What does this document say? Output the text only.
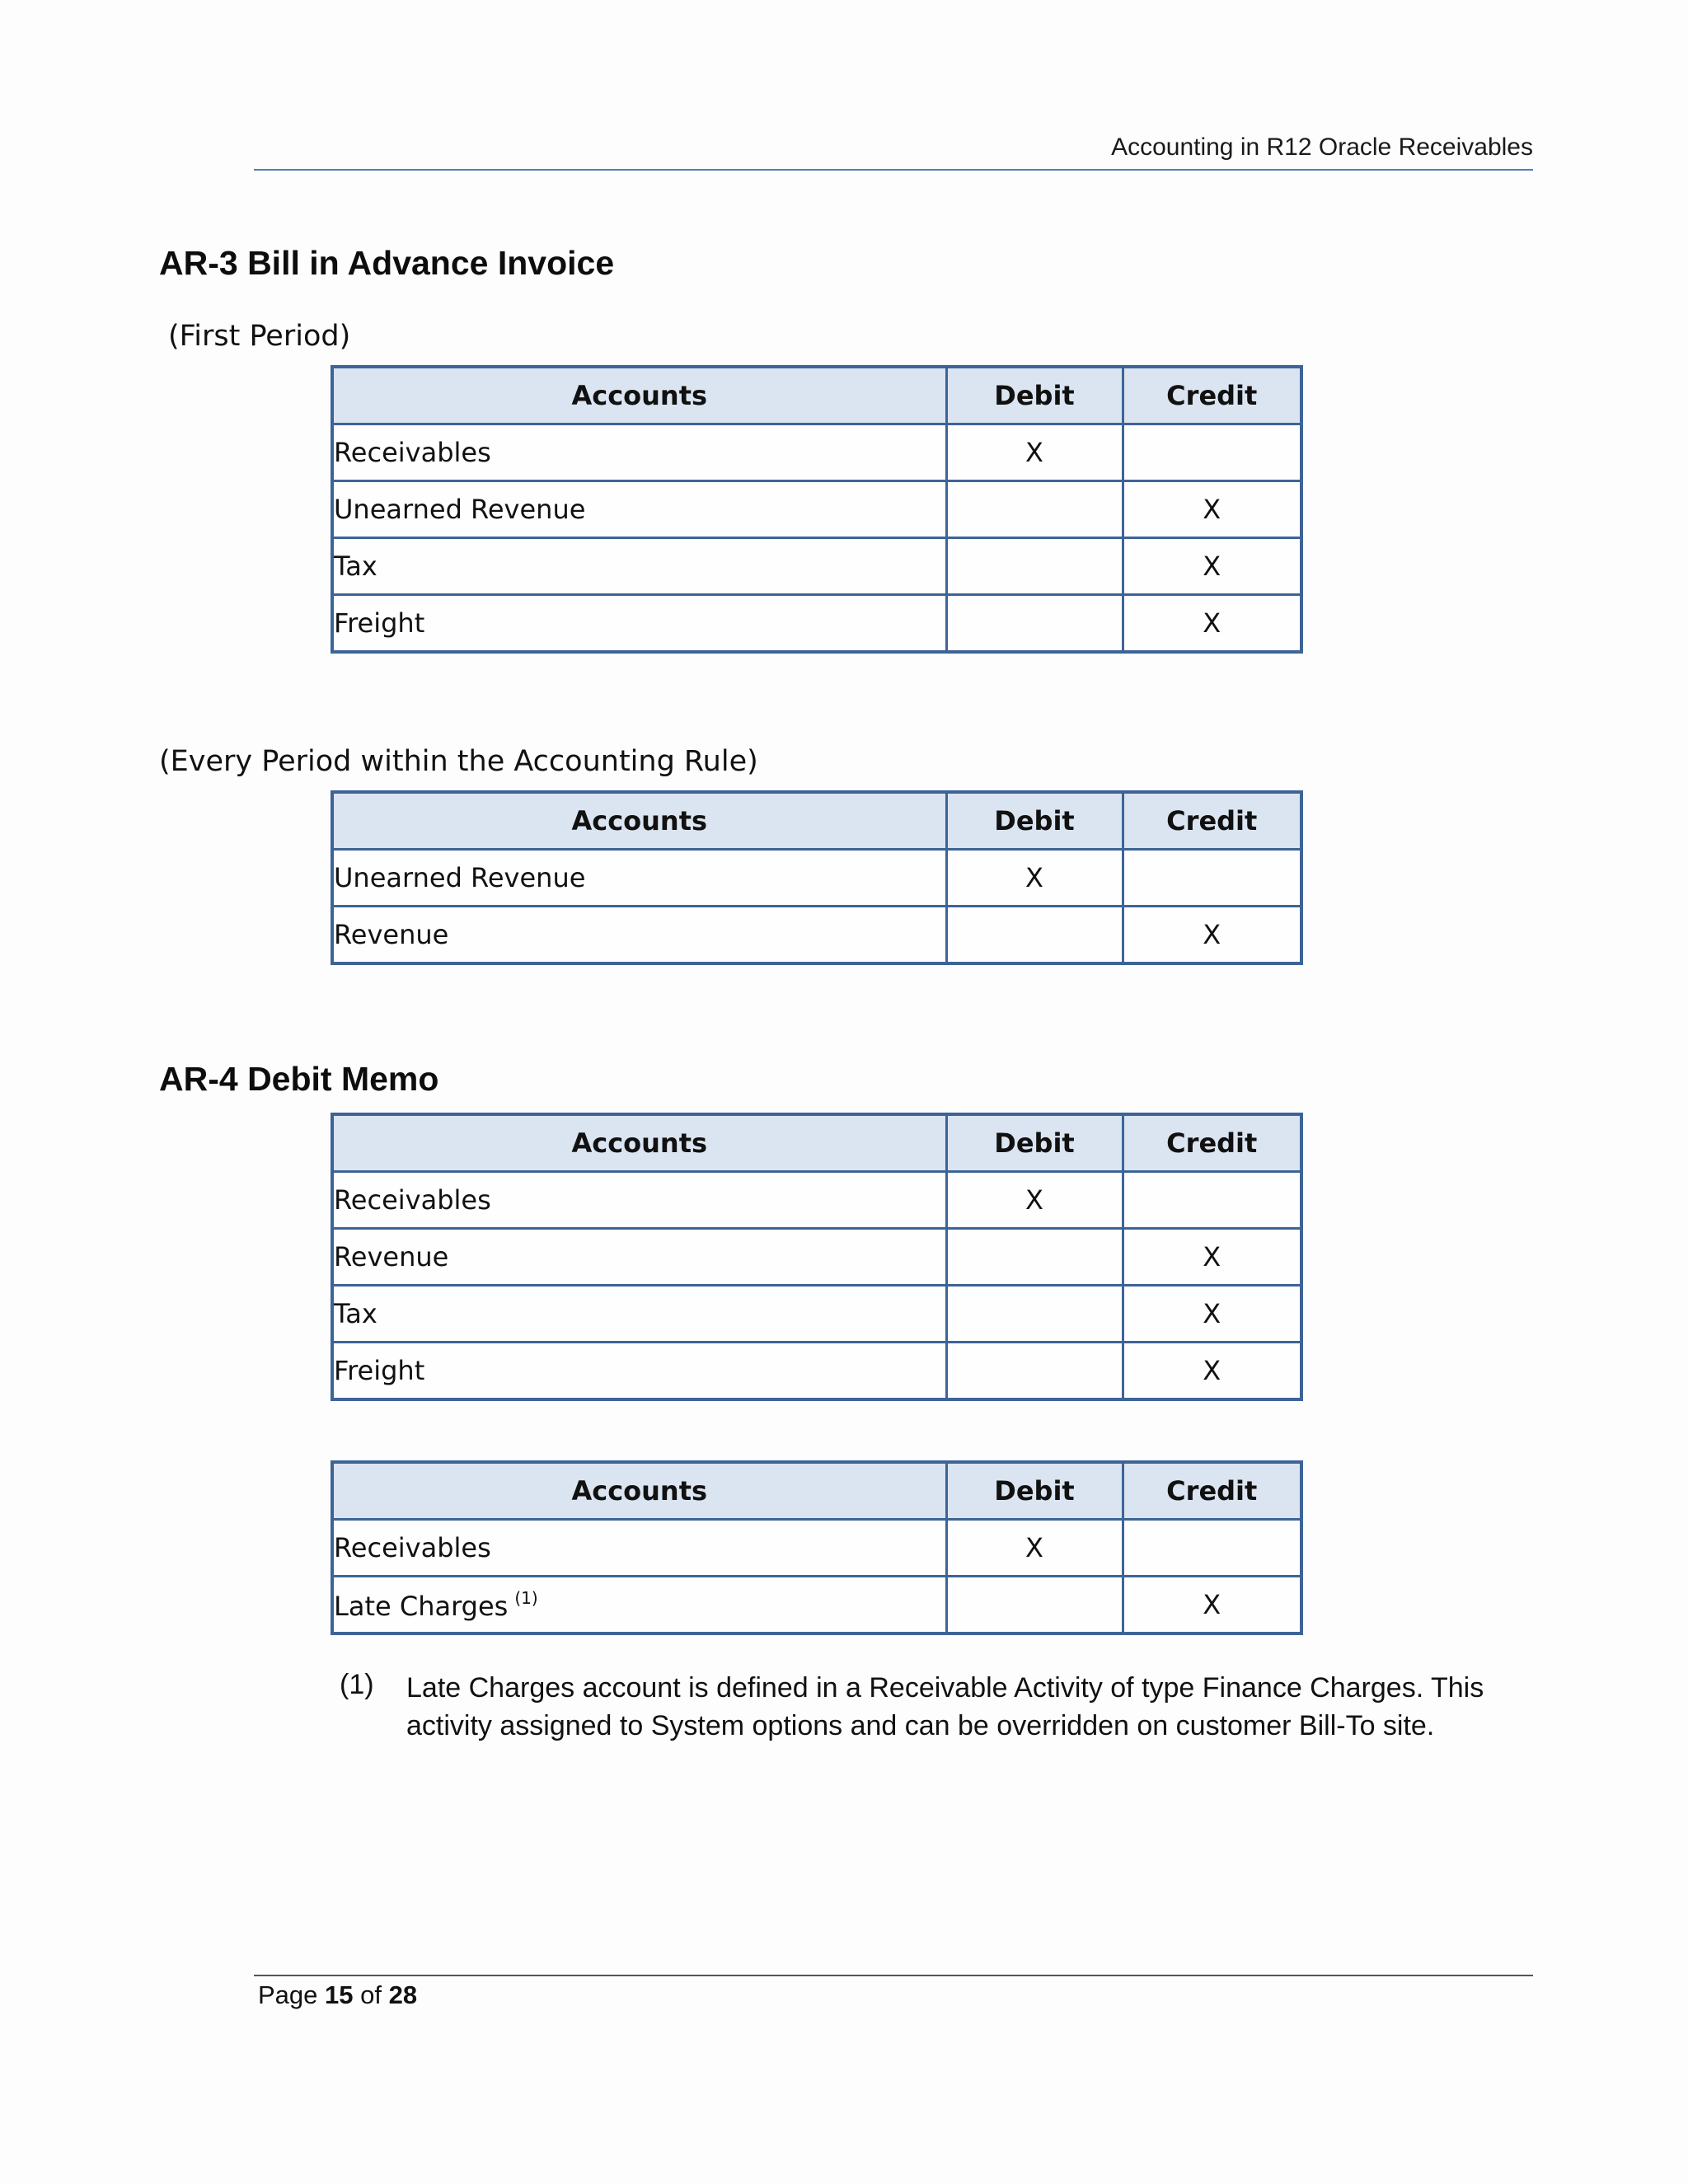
Accounting in R12 Oracle Receivables
AR-3 Bill in Advance Invoice
(First Period)
Accounts	Debit	Credit
Receivables	X	
Unearned Revenue		X
Tax		X
Freight		X
(Every Period within the Accounting Rule)
Accounts	Debit	Credit
Unearned Revenue	X	
Revenue		X
AR-4 Debit Memo
Accounts	Debit	Credit
Receivables	X	
Revenue		X
Tax		X
Freight		X
Accounts	Debit	Credit
Receivables	X	
Late Charges $^{(1)}$		X
(1) Late Charges account is defined in a Receivable Activity of type Finance Charges. This activity assigned to System options and can be overridden on customer Bill-To site.
Page 15 of 28
